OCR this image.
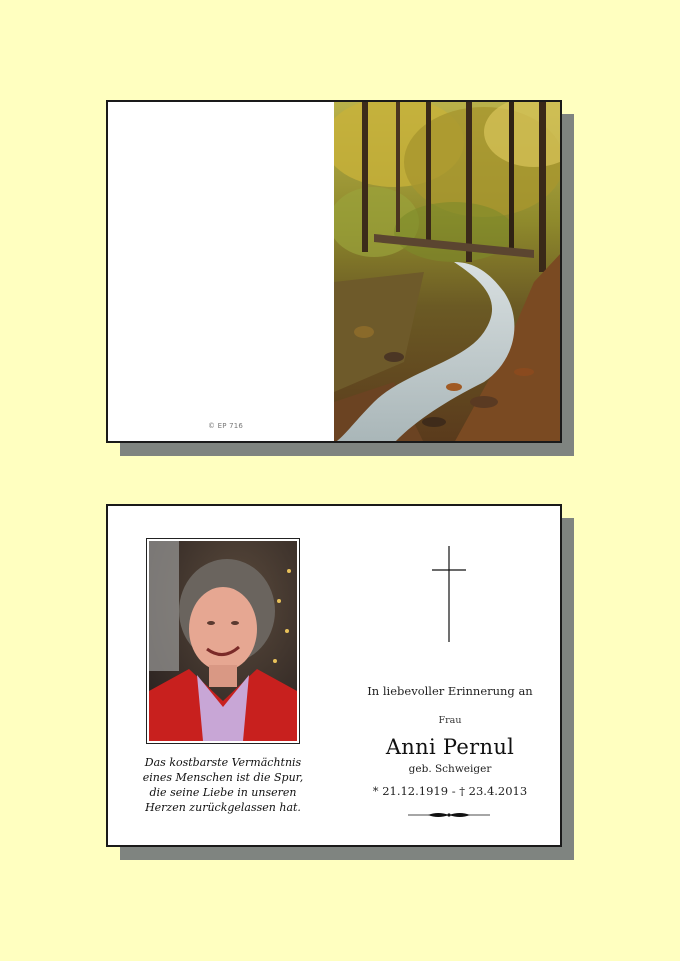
© EP 716
Das kostbarste Vermächtnis
eines Menschen ist die Spur,
die seine Liebe in unseren
Herzen zurückgelassen hat.
In liebevoller Erinnerung an
Frau
Anni Pernul
geb. Schweiger
* 21.12.1919 - † 23.4.2013
